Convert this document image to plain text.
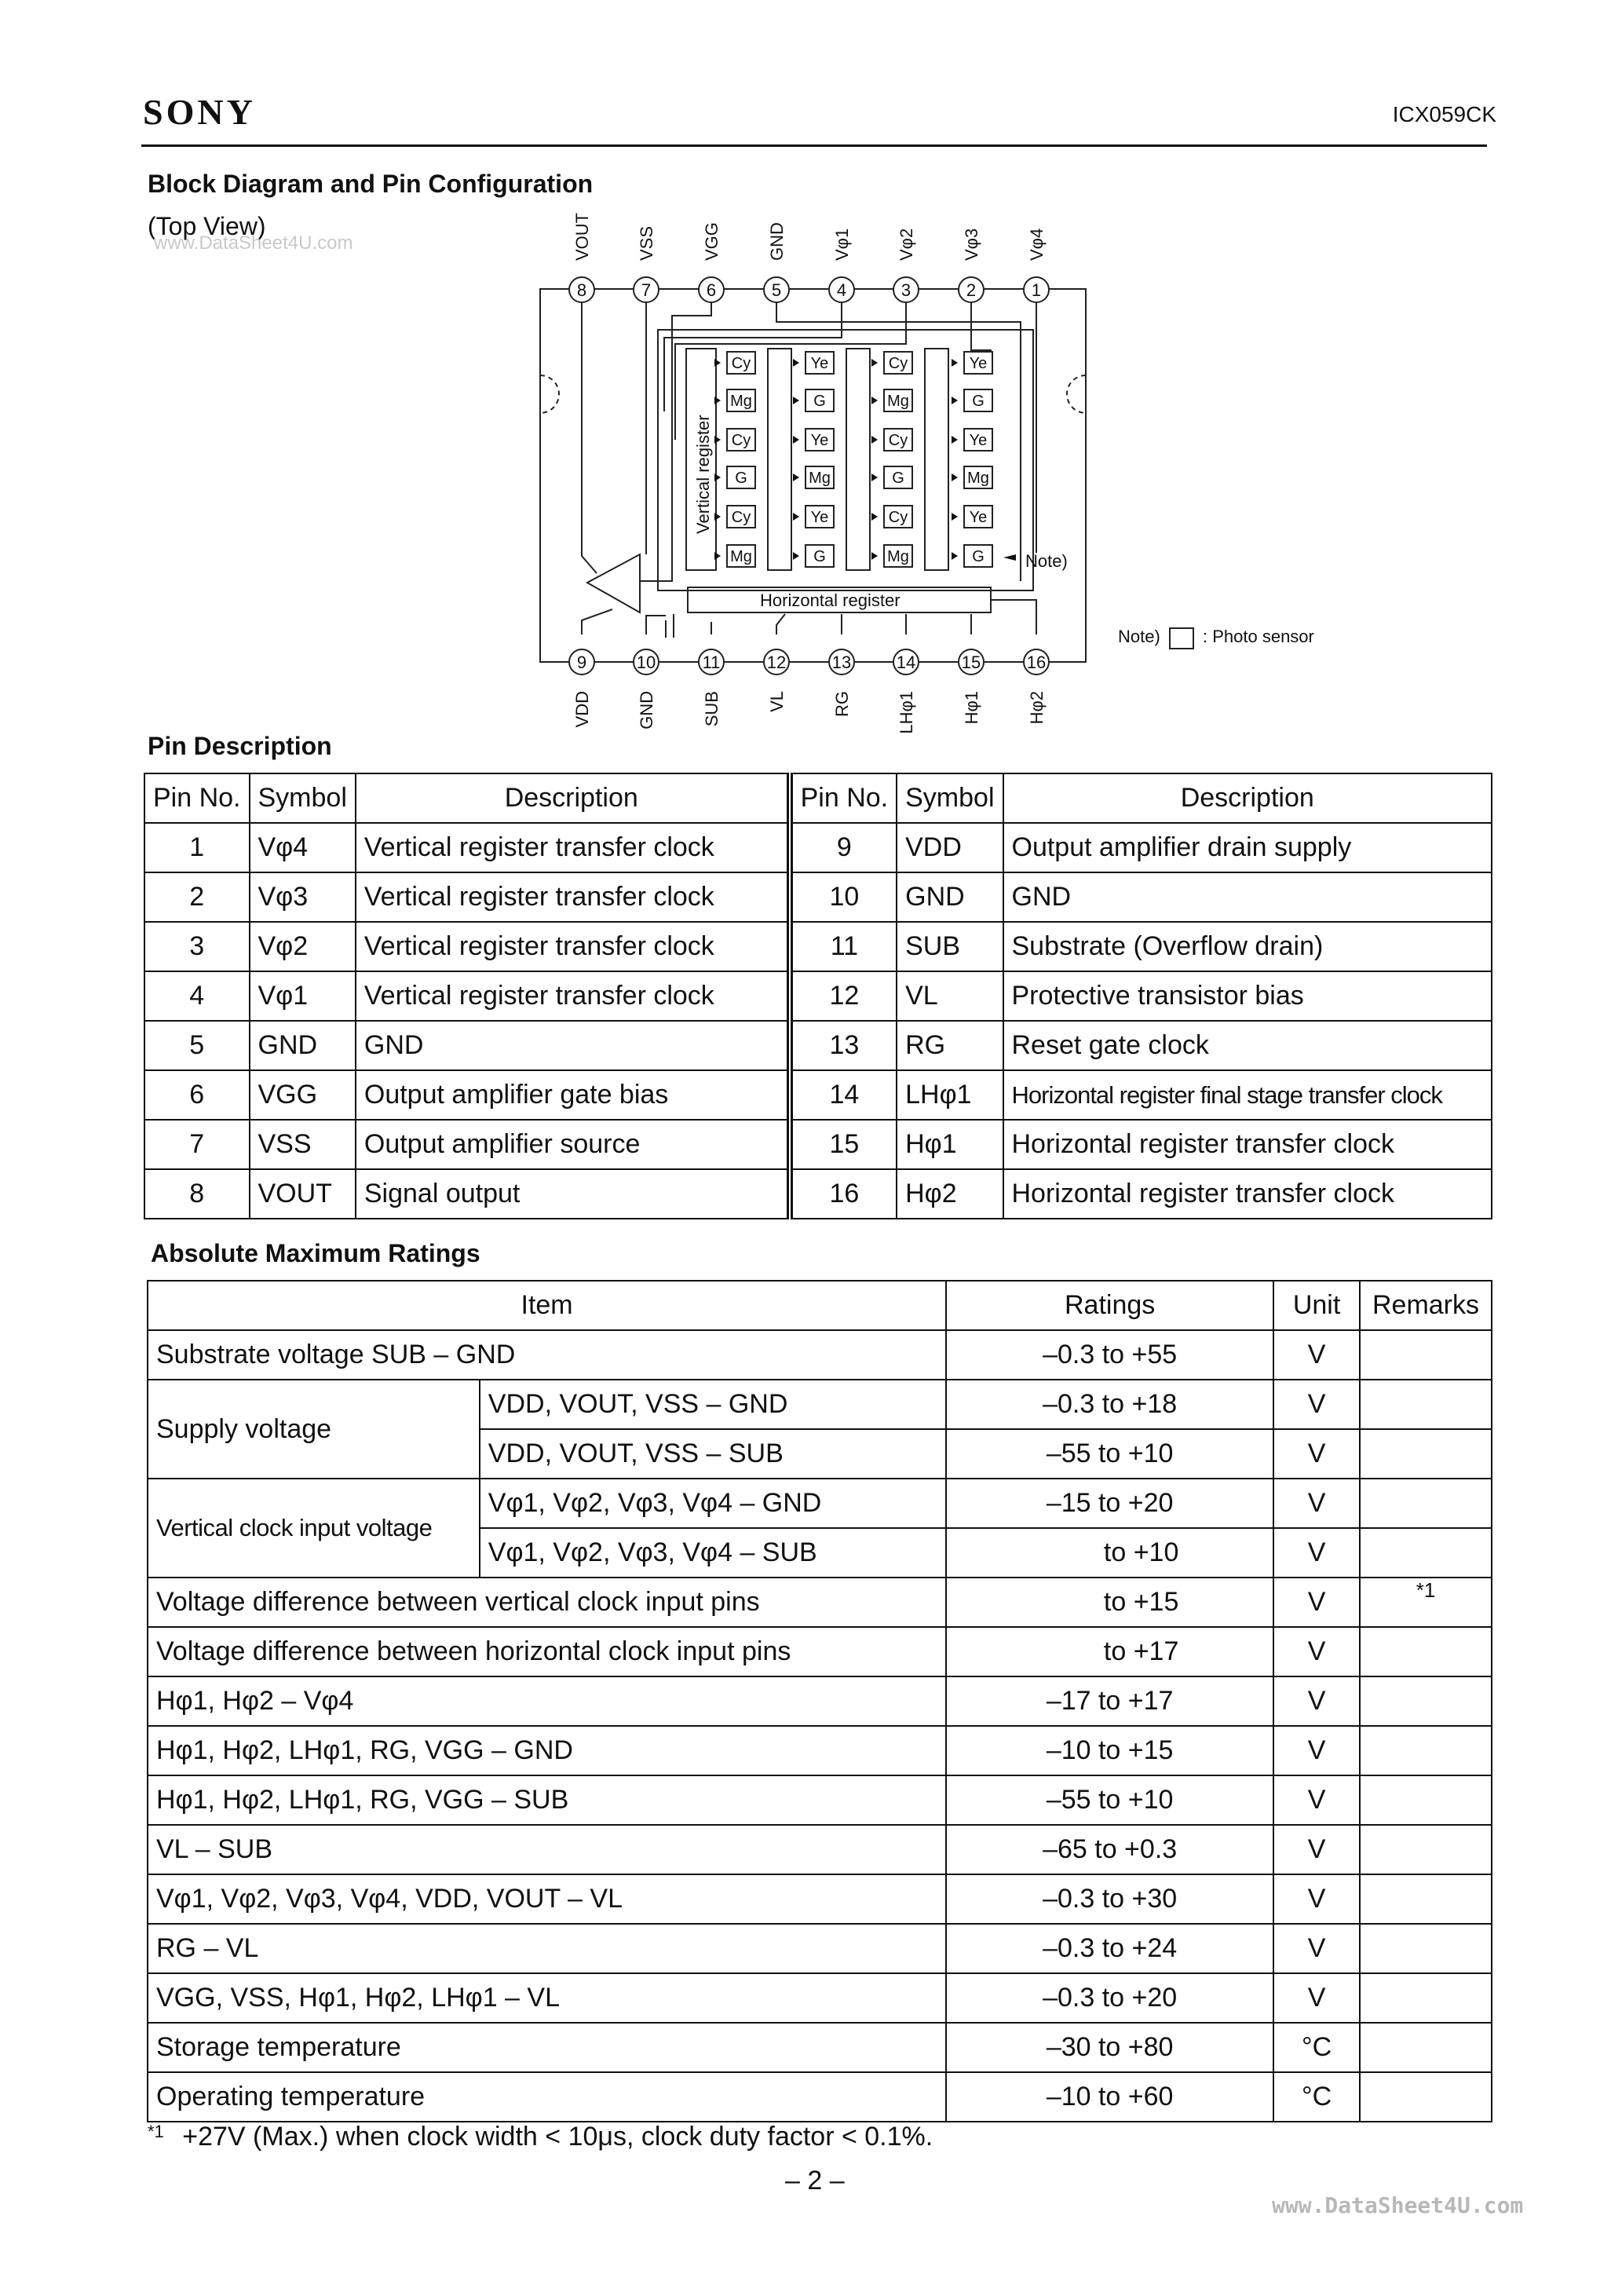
SONY	ICX059CK
Block Diagram and Pin Configuration
(Top View)
www.DataSheet4U.com
Cy
Mg
Cy
G
Cy
Mg
Ye
G
Ye
Mg
Ye
G
Cy
Mg
Cy
G
Cy
Mg
Ye
G
Ye
Mg
Ye
G
8
9
7
10
6
11
5
12
4
13
3
14
2
15
1
16
VOUT
VDD
VSS
GND
VGG
SUB
GND
VL
Vφ1
RG
Vφ2
LHφ1
Vφ3
Hφ1
Vφ4
Hφ2
Vertical register
Horizontal register
Note)
Note) : Photo sensor
Pin Description
Pin No.	Symbol	Description	Pin No.	Symbol	Description
1	Vφ4	Vertical register transfer clock	9	VDD	Output amplifier drain supply
2	Vφ3	Vertical register transfer clock	10	GND	GND
3	Vφ2	Vertical register transfer clock	11	SUB	Substrate (Overflow drain)
4	Vφ1	Vertical register transfer clock	12	VL	Protective transistor bias
5	GND	GND	13	RG	Reset gate clock
6	VGG	Output amplifier gate bias	14	LHφ1	Horizontal register final stage transfer clock
7	VSS	Output amplifier source	15	Hφ1	Horizontal register transfer clock
8	VOUT	Signal output	16	Hφ2	Horizontal register transfer clock
Absolute Maximum Ratings
Item		Ratings	Unit	Remarks
Substrate voltage SUB – GND		–0.3 to +55	V	
Supply voltage	VDD, VOUT, VSS – GND	–0.3 to +18	V	
	VDD, VOUT, VSS – SUB	–55 to +10	V	
Vertical clock input voltage	Vφ1, Vφ2, Vφ3, Vφ4 – GND	–15 to +20	V	
	Vφ1, Vφ2, Vφ3, Vφ4 – SUB	to +10	V	
Voltage difference between vertical clock input pins		to +15	V	*1
Voltage difference between horizontal clock input pins		to +17	V	
Hφ1, Hφ2 – Vφ4		–17 to +17	V	
Hφ1, Hφ2, LHφ1, RG, VGG – GND		–10 to +15	V	
Hφ1, Hφ2, LHφ1, RG, VGG – SUB		–55 to +10	V	
VL – SUB		–65 to +0.3	V	
Vφ1, Vφ2, Vφ3, Vφ4, VDD, VOUT – VL		–0.3 to +30	V	
RG – VL		–0.3 to +24	V	
VGG, VSS, Hφ1, Hφ2, LHφ1 – VL		–0.3 to +20	V	
Storage temperature		–30 to +80	°C	
Operating temperature		–10 to +60	°C	
$^{*1}$ +27V (Max.) when clock width < 10μs, clock duty factor < 0.1%.
– 2 –
www.DataSheet4U.com
